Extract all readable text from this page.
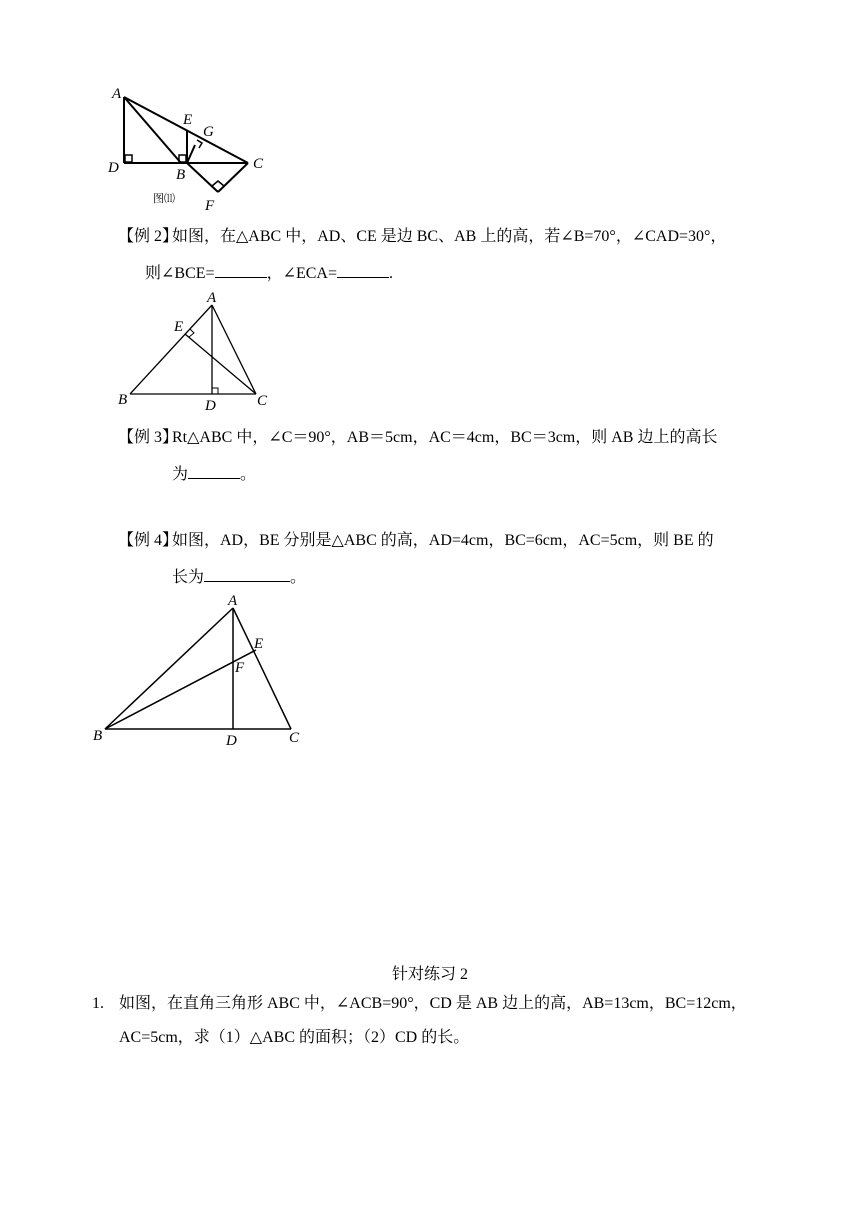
A
E
G
C
D	B
F
图⑾
【例 2】如图，在△ABC 中，AD、CE 是边 BC、AB 上的高，若∠B=70°，∠CAD=30°，
则∠BCE=	，∠ECA=	.
A
E
B	D	C
【例 3】Rt△ABC 中，∠C＝90°，AB＝5cm，AC＝4cm，BC＝3cm，则 AB 边上的高长
为	。
【例 4】如图，AD，BE 分别是△ABC 的高，AD=4cm，BC=6cm，AC=5cm，则 BE 的
长为	。
A
E
F
B	D	C
针对练习 2
1. 如图，在直角三角形 ABC 中，∠ACB=90°，CD 是 AB 边上的高，AB=13cm，BC=12cm，
AC=5cm，求（1）△ABC 的面积；（2）CD 的长。
